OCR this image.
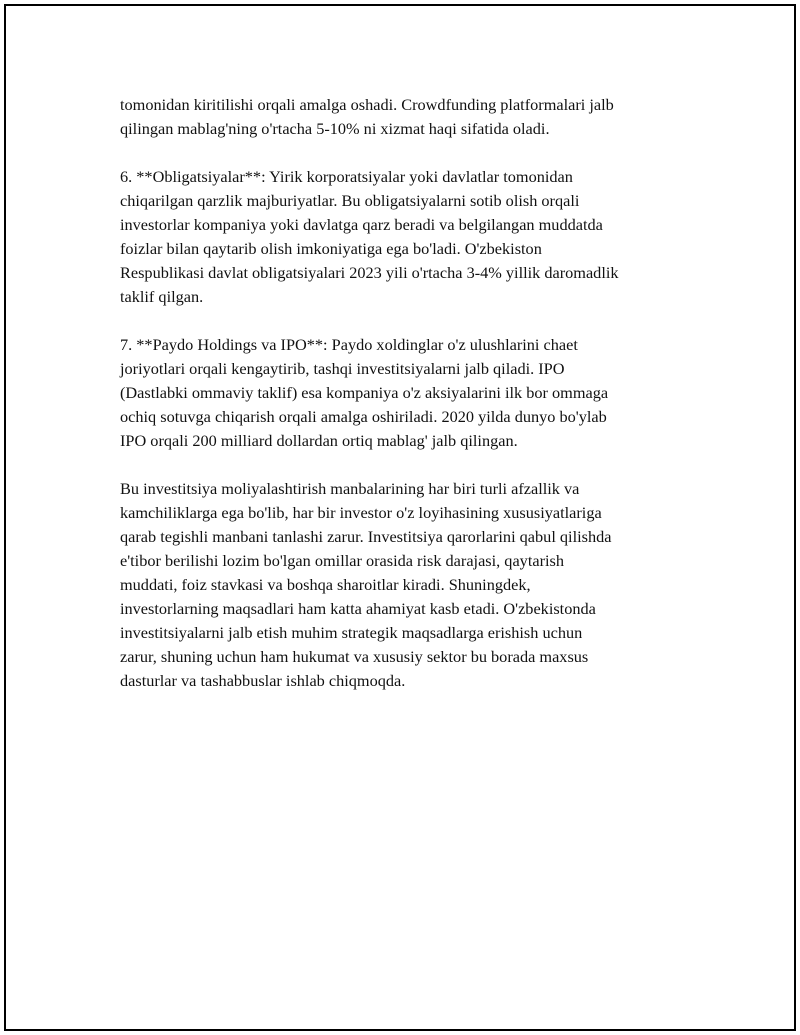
tomonidan kiritilishi orqali amalga oshadi. Crowdfunding platformalari jalb
qilingan mablag'ning o'rtacha 5-10% ni xizmat haqi sifatida oladi.

6. **Obligatsiyalar**: Yirik korporatsiyalar yoki davlatlar tomonidan
chiqarilgan qarzlik majburiyatlar. Bu obligatsiyalarni sotib olish orqali
investorlar kompaniya yoki davlatga qarz beradi va belgilangan muddatda
foizlar bilan qaytarib olish imkoniyatiga ega bo'ladi. O'zbekiston
Respublikasi davlat obligatsiyalari 2023 yili o'rtacha 3-4% yillik daromadlik
taklif qilgan.

7. **Paydo Holdings va IPO**: Paydo xoldinglar o'z ulushlarini chaet
joriyotlari orqali kengaytirib, tashqi investitsiyalarni jalb qiladi. IPO
(Dastlabki ommaviy taklif) esa kompaniya o'z aksiyalarini ilk bor ommaga
ochiq sotuvga chiqarish orqali amalga oshiriladi. 2020 yilda dunyo bo'ylab
IPO orqali 200 milliard dollardan ortiq mablag' jalb qilingan.

Bu investitsiya moliyalashtirish manbalarining har biri turli afzallik va
kamchiliklarga ega bo'lib, har bir investor o'z loyihasining xususiyatlariga
qarab tegishli manbani tanlashi zarur. Investitsiya qarorlarini qabul qilishda
e'tibor berilishi lozim bo'lgan omillar orasida risk darajasi, qaytarish
muddati, foiz stavkasi va boshqa sharoitlar kiradi. Shuningdek,
investorlarning maqsadlari ham katta ahamiyat kasb etadi. O'zbekistonda
investitsiyalarni jalb etish muhim strategik maqsadlarga erishish uchun
zarur, shuning uchun ham hukumat va xususiy sektor bu borada maxsus
dasturlar va tashabbuslar ishlab chiqmoqda.
